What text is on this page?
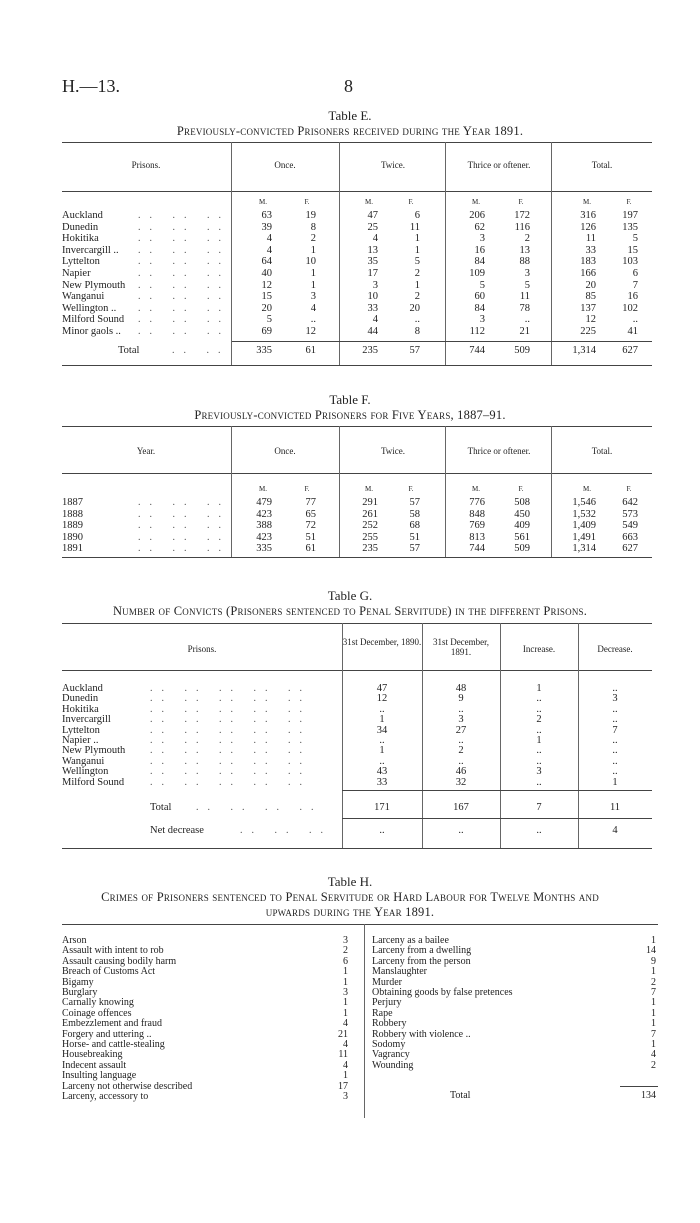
H.—13.	8
Table E.
Previously-convicted Prisoners received during the Year 1891.
Prisons.	Once.	Twice.	Thrice or oftener.	Total.
M.	F.	M.	F.	M.	F.	M.	F.
Auckland	.. .. ..	63	19	47	6	206	172	316	197
Dunedin	.. .. ..	39	8	25	11	62	116	126	135
Hokitika	.. .. ..	4	2	4	1	3	2	11	5
Invercargill .. .. .. ..	4	1	13	1	16	13	33	15
Lyttelton	.. .. ..	64	10	35	5	84	88	183	103
Napier	.. .. ..	40	1	17	2	109	3	166	6
New Plymouth .. .. ..	12	1	3	1	5	5	20	7
Wanganui	.. .. ..	15	3	10	2	60	11	85	16
Wellington .. .. .. ..	20	4	33	20	84	78	137	102
Milford Sound .. .. ..	5	..	4	..	3	..	12	..
Minor gaols .. .. .. ..	69	12	44	8	112	21	225	41
Total	.. ..	335	61	235	57	744	509	1,314	627
Table F.
Previously-convicted Prisoners for Five Years, 1887–91.
Year.	Once.	Twice.	Thrice or oftener.	Total.
M.	F.	M.	F.	M.	F.	M.	F.
1887	.. .. ..	479	77	291	57	776	508	1,546	642
1888	.. .. ..	423	65	261	58	848	450	1,532	573
1889	.. .. ..	388	72	252	68	769	409	1,409	549
1890	.. .. ..	423	51	255	51	813	561	1,491	663
1891	.. .. ..	335	61	235	57	744	509	1,314	627
Table G.
Number of Convicts (Prisoners sentenced to Penal Servitude) in the different Prisons.
Prisons.
31st December, 1890.	31st December, 1891.	Increase.	Decrease.
Auckland	.. .. .. .. ..	47	48	1	..
Dunedin	.. .. .. .. ..	12	9	..	3
Hokitika	.. .. .. .. ..	..	..	..	..
Invercargill	.. .. .. .. ..	1	3	2	..
Lyttelton	.. .. .. .. ..	34	27	..	7
Napier ..	.. .. .. .. ..	..	..	1	..
New Plymouth .. .. .. .. ..	1	2	..	..
Wanganui	.. .. .. .. ..	..	..	..	..
Wellington	.. .. .. .. ..	43	46	3	..
Milford Sound	.. .. .. .. ..	33	32	..	1
Total .. .. .. ..	171	167	7	11
Net decrease	.. .. ..	..	..	..	4
Table H.
Crimes of Prisoners sentenced to Penal Servitude or Hard Labour for Twelve Months and
upwards during the Year 1891.
Arson	3
Assault with intent to rob	2
Assault causing bodily harm	6
Breach of Customs Act	1
Bigamy	1
Burglary	3
Carnally knowing	1
Coinage offences	1
Embezzlement and fraud	4
Forgery and uttering ..	21
Horse- and cattle-stealing	4
Housebreaking	11
Indecent assault	4
Insulting language	1
Larceny not otherwise described	17
Larceny, accessory to	3
Larceny as a bailee	1
Larceny from a dwelling	14
Larceny from the person	9
Manslaughter	1
Murder	2
Obtaining goods by false pretences	7
Perjury	1
Rape	1
Robbery	1
Robbery with violence ..	7
Sodomy	1
Vagrancy	4
Wounding	2
Total	134
